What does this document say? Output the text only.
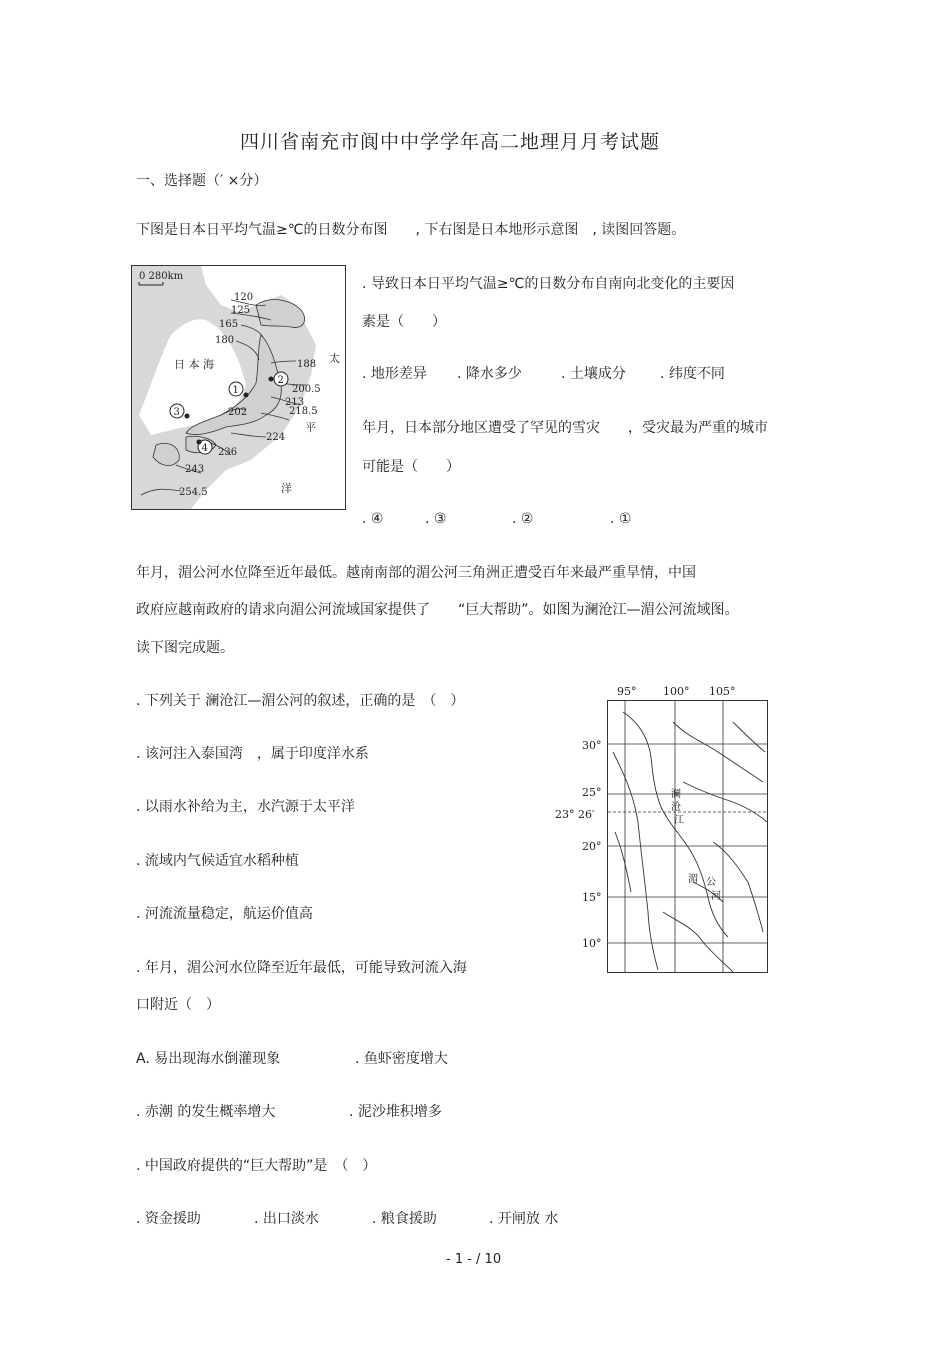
四川省南充市阆中中学学年高二地理月月考试题
一、选择题（′ ×分）
下图是日本日平均气温≥℃的日数分布图　　, 下右图是日本地形示意图　, 读图回答题。
0 280km
日 本 海	太
平
洋
120
125
165
180
188
200.5
213
218.5
202
224
236
243
254.5
1
2
3
4
. 导致日本日平均气温≥℃的日数分布自南向北变化的主要因
素是（　　）
. 地形差异 . 降水多少	. 土壤成分 . 纬度不同
年月，日本部分地区遭受了罕见的雪灾　　，受灾最为严重的城市
可能是（　　）
. ④	. ③	. ②	. ①
年月，湄公河水位降至近年最低。越南南部的湄公河三角洲正遭受百年来最严重旱情，中国
政府应越南政府的请求向湄公河流域国家提供了　　“巨大帮助”。如图为澜沧江—湄公河流域图。
读下图完成题。
95° 100° 105°
30°
25°
23° 26′
20°
15°
10°
澜
沧
江
湄 公
河
. 下列关于 澜沧江—湄公河的叙述，正确的是　（　）
. 该河注入泰国湾　，属于印度洋水系
. 以雨水补给为主，水汽源于太平洋
. 流域内气候适宜水稻种植
. 河流流量稳定，航运价值高
. 年月，湄公河水位降至近年最低，可能导致河流入海
口附近（　）
A. 易出现海水倒灌现象	. 鱼虾密度增大
. 赤潮 的发生概率增大	. 泥沙堆积增多
. 中国政府提供的“巨大帮助”是　（　）
. 资金援助	. 出口淡水	. 粮食援助	. 开闸放 水
- 1 - / 10
